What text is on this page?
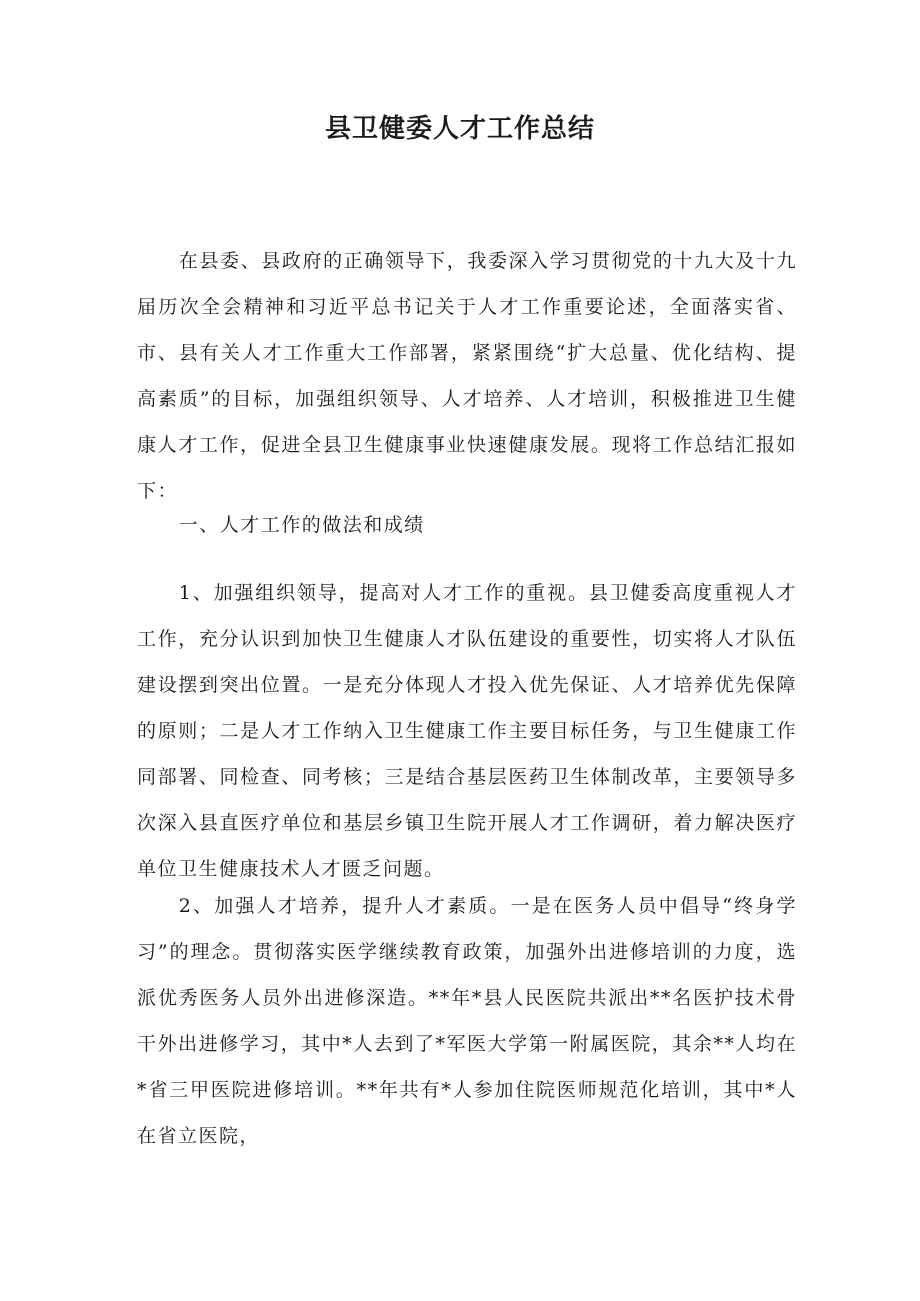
县卫健委人才工作总结

在县委、县政府的正确领导下，我委深入学习贯彻党的十九大及十九届历次全会精神和习近平总书记关于人才工作重要论述，全面落实省、市、县有关人才工作重大工作部署，紧紧围绕“扩大总量、优化结构、提高素质”的目标，加强组织领导、人才培养、人才培训，积极推进卫生健康人才工作，促进全县卫生健康事业快速健康发展。现将工作总结汇报如下：

一、人才工作的做法和成绩

1、加强组织领导，提高对人才工作的重视。县卫健委高度重视人才工作，充分认识到加快卫生健康人才队伍建设的重要性，切实将人才队伍建设摆到突出位置。一是充分体现人才投入优先保证、人才培养优先保障的原则；二是人才工作纳入卫生健康工作主要目标任务，与卫生健康工作同部署、同检查、同考核；三是结合基层医药卫生体制改革，主要领导多次深入县直医疗单位和基层乡镇卫生院开展人才工作调研，着力解决医疗单位卫生健康技术人才匮乏问题。

2、加强人才培养，提升人才素质。一是在医务人员中倡导“终身学习”的理念。贯彻落实医学继续教育政策，加强外出进修培训的力度，选派优秀医务人员外出进修深造。**年*县人民医院共派出**名医护技术骨干外出进修学习，其中*人去到了*军医大学第一附属医院，其余**人均在*省三甲医院进修培训。**年共有*人参加住院医师规范化培训，其中*人在省立医院，
